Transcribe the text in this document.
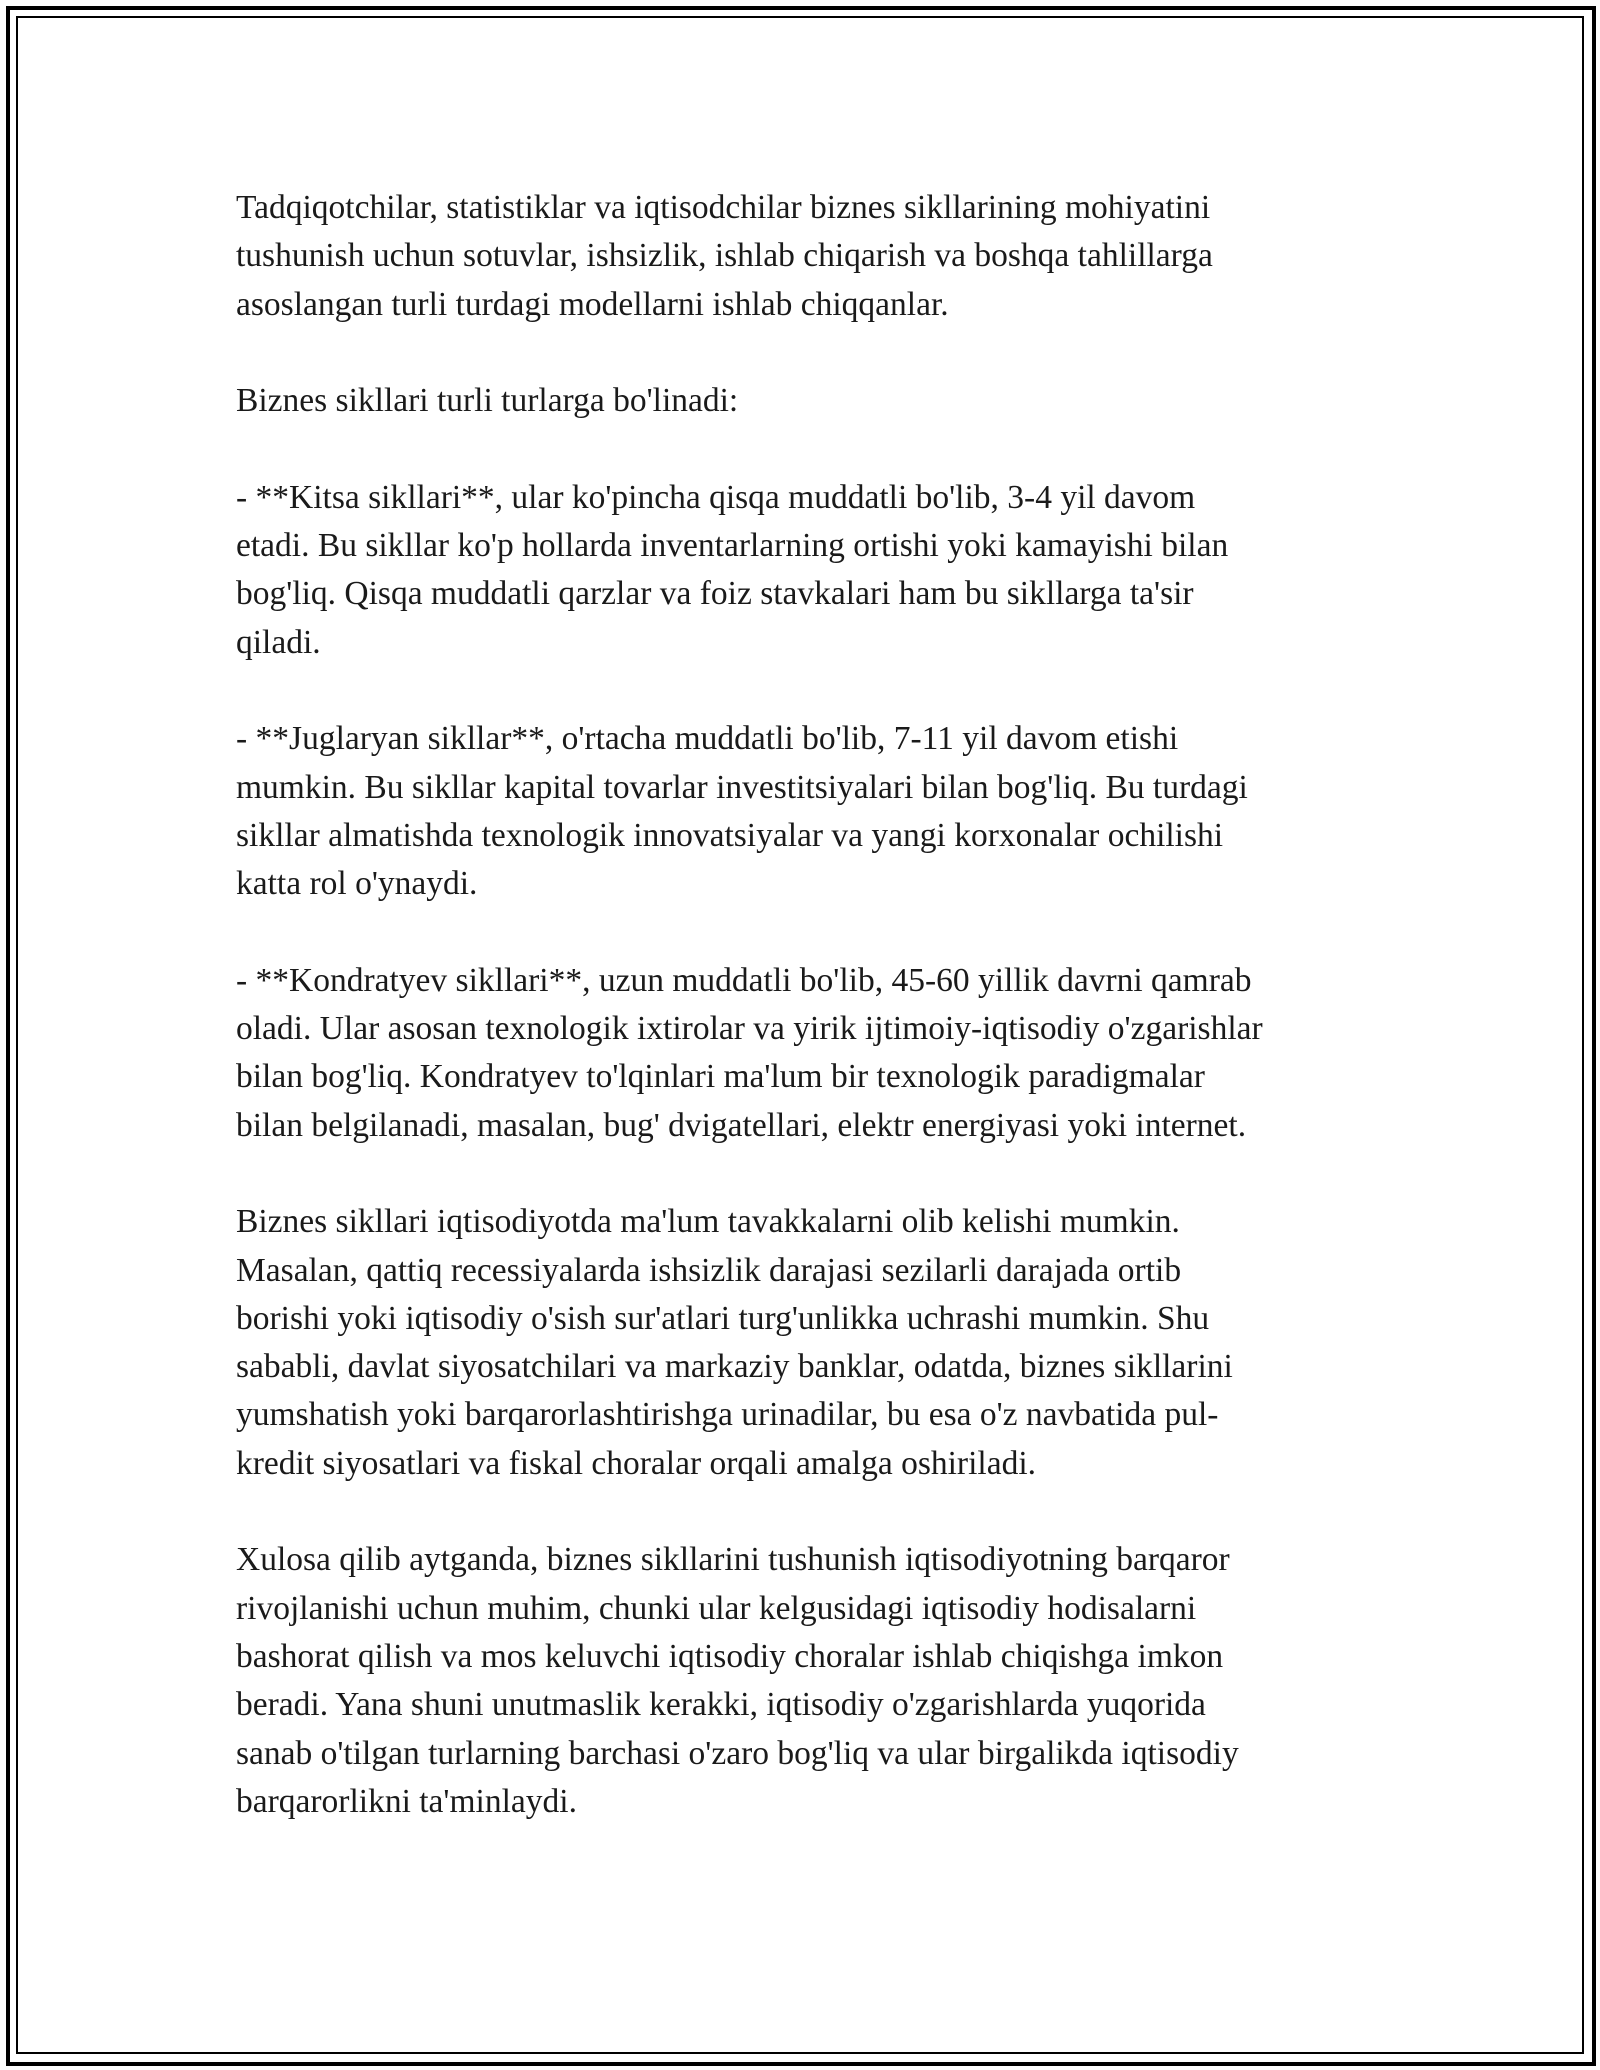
Tadqiqotchilar, statistiklar va iqtisodchilar biznes sikllarining mohiyatini
tushunish uchun sotuvlar, ishsizlik, ishlab chiqarish va boshqa tahlillarga
asoslangan turli turdagi modellarni ishlab chiqqanlar.

Biznes sikllari turli turlarga bo'linadi:

- **Kitsa sikllari**, ular ko'pincha qisqa muddatli bo'lib, 3-4 yil davom
etadi. Bu sikllar ko'p hollarda inventarlarning ortishi yoki kamayishi bilan
bog'liq. Qisqa muddatli qarzlar va foiz stavkalari ham bu sikllarga ta'sir
qiladi.

- **Juglaryan sikllar**, o'rtacha muddatli bo'lib, 7-11 yil davom etishi
mumkin. Bu sikllar kapital tovarlar investitsiyalari bilan bog'liq. Bu turdagi
sikllar almatishda texnologik innovatsiyalar va yangi korxonalar ochilishi
katta rol o'ynaydi.

- **Kondratyev sikllari**, uzun muddatli bo'lib, 45-60 yillik davrni qamrab
oladi. Ular asosan texnologik ixtirolar va yirik ijtimoiy-iqtisodiy o'zgarishlar
bilan bog'liq. Kondratyev to'lqinlari ma'lum bir texnologik paradigmalar
bilan belgilanadi, masalan, bug' dvigatellari, elektr energiyasi yoki internet.

Biznes sikllari iqtisodiyotda ma'lum tavakkalarni olib kelishi mumkin.
Masalan, qattiq recessiyalarda ishsizlik darajasi sezilarli darajada ortib
borishi yoki iqtisodiy o'sish sur'atlari turg'unlikka uchrashi mumkin. Shu
sababli, davlat siyosatchilari va markaziy banklar, odatda, biznes sikllarini
yumshatish yoki barqarorlashtirishga urinadilar, bu esa o'z navbatida pul-
kredit siyosatlari va fiskal choralar orqali amalga oshiriladi.

Xulosa qilib aytganda, biznes sikllarini tushunish iqtisodiyotning barqaror
rivojlanishi uchun muhim, chunki ular kelgusidagi iqtisodiy hodisalarni
bashorat qilish va mos keluvchi iqtisodiy choralar ishlab chiqishga imkon
beradi. Yana shuni unutmaslik kerakki, iqtisodiy o'zgarishlarda yuqorida
sanab o'tilgan turlarning barchasi o'zaro bog'liq va ular birgalikda iqtisodiy
barqarorlikni ta'minlaydi.
